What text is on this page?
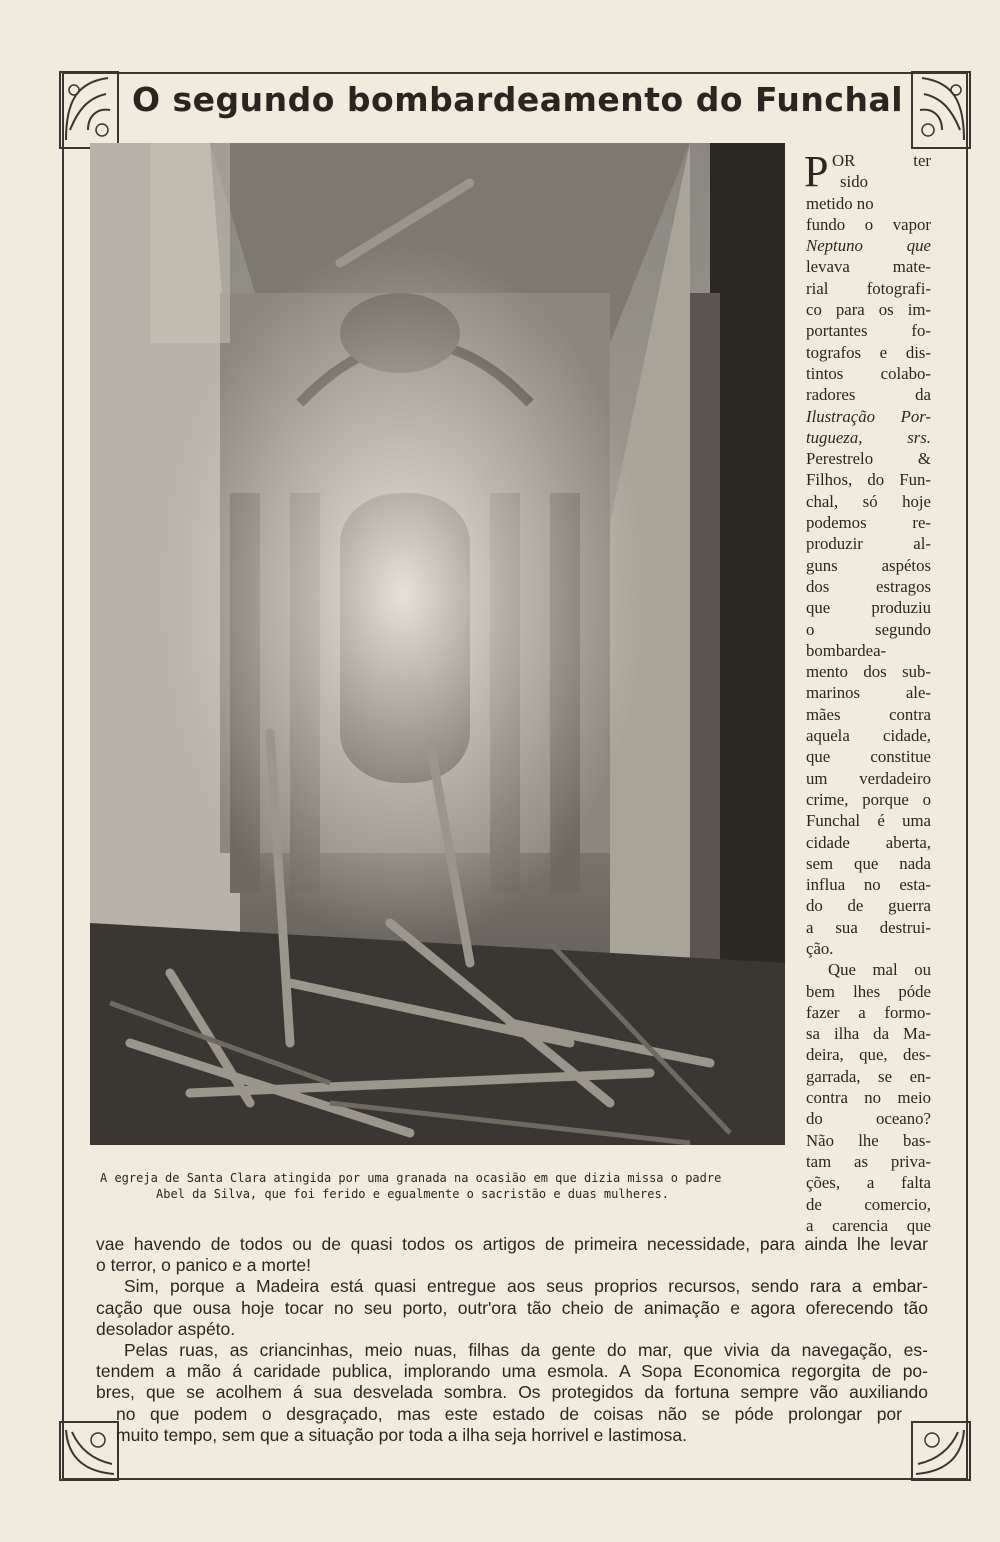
O segundo bombardeamento do Funchal
A egreja de Santa Clara atingida por uma granada na ocasião em que dizia missa o padre
Abel da Silva, que foi ferido e egualmente o sacristão e duas mulheres.
P OR ter
sido
metido no
fundo o vapor
Neptuno que
levava mate-
rial fotografi-
co para os im-
portantes fo-
tografos e dis-
tintos colabo-
radores da
Ilustração Por-
tugueza, srs.
Perestrelo &
Filhos, do Fun-
chal, só hoje
podemos re-
produzir al-
guns aspétos
dos estragos
que produziu
o segundo
bombardea-
mento dos sub-
marinos ale-
mães contra
aquela cidade,
que constitue
um verdadeiro
crime, porque o
Funchal é uma
cidade aberta,
sem que nada
influa no esta-
do de guerra
a sua destrui-
ção.
Que mal ou
bem lhes póde
fazer a formo-
sa ilha da Ma-
deira, que, des-
garrada, se en-
contra no meio
do oceano?
Não lhe bas-
tam as priva-
ções, a falta
de comercio,
a carencia que
vae havendo de todos ou de quasi todos os artigos de primeira necessidade, para ainda lhe levar
o terror, o panico e a morte!
Sim, porque a Madeira está quasi entregue aos seus proprios recursos, sendo rara a embar-
cação que ousa hoje tocar no seu porto, outr'ora tão cheio de animação e agora oferecendo tão
desolador aspéto.
Pelas ruas, as criancinhas, meio nuas, filhas da gente do mar, que vivia da navegação, es-
tendem a mão á caridade publica, implorando uma esmola. A Sopa Economica regorgita de po-
bres, que se acolhem á sua desvelada sombra. Os protegidos da fortuna sempre vão auxiliando
no que podem o desgraçado, mas este estado de coisas não se póde prolongar por
muito tempo, sem que a situação por toda a ilha seja horrivel e lastimosa.
